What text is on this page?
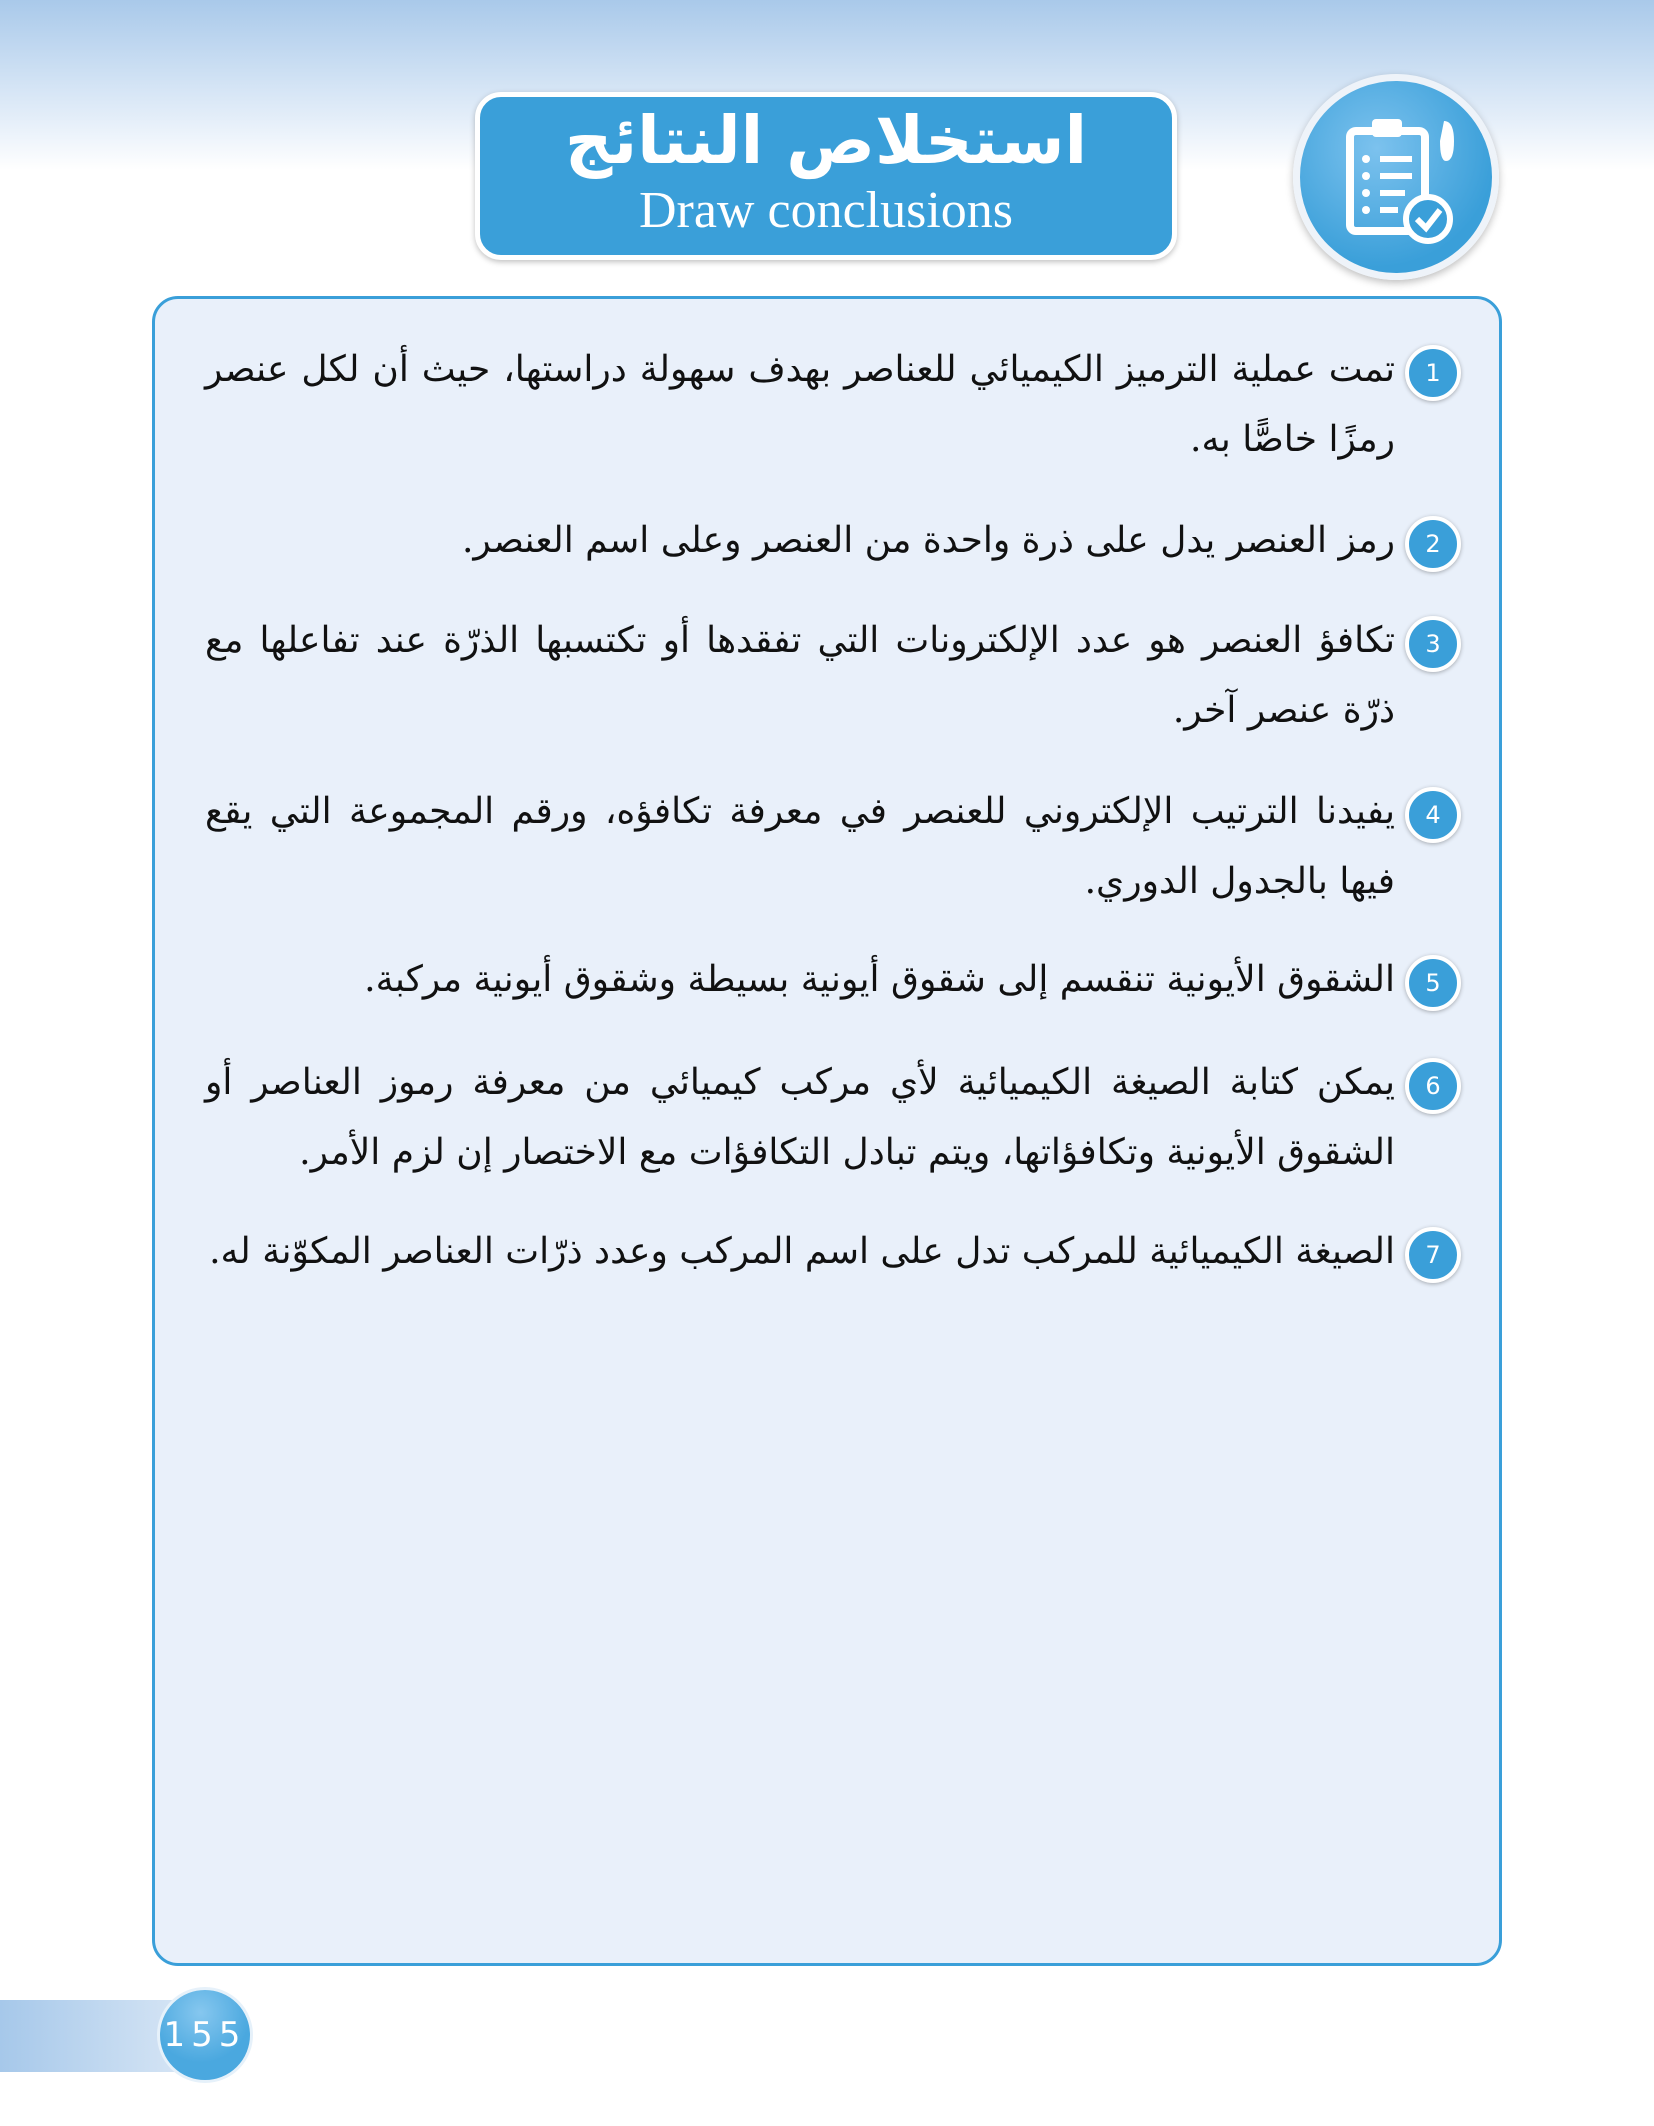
استخلاص النتائج
Draw conclusions
1
تمت عملية الترميز الكيميائي للعناصر بهدف سهولة دراستها، حيث أن لكل عنصر رمزًا خاصًّا به.
2
رمز العنصر يدل على ذرة واحدة من العنصر وعلى اسم العنصر.
3
تكافؤ العنصر هو عدد الإلكترونات التي تفقدها أو تكتسبها الذرّة عند تفاعلها مع ذرّة عنصر آخر.
4
يفيدنا الترتيب الإلكتروني للعنصر في معرفة تكافؤه، ورقم المجموعة التي يقع فيها بالجدول الدوري.
5
الشقوق الأيونية تنقسم إلى شقوق أيونية بسيطة وشقوق أيونية مركبة.
6
يمكن كتابة الصيغة الكيميائية لأي مركب كيميائي من معرفة رموز العناصر أو الشقوق الأيونية وتكافؤاتها، ويتم تبادل التكافؤات مع الاختصار إن لزم الأمر.
7
الصيغة الكيميائية للمركب تدل على اسم المركب وعدد ذرّات العناصر المكوّنة له.
155
